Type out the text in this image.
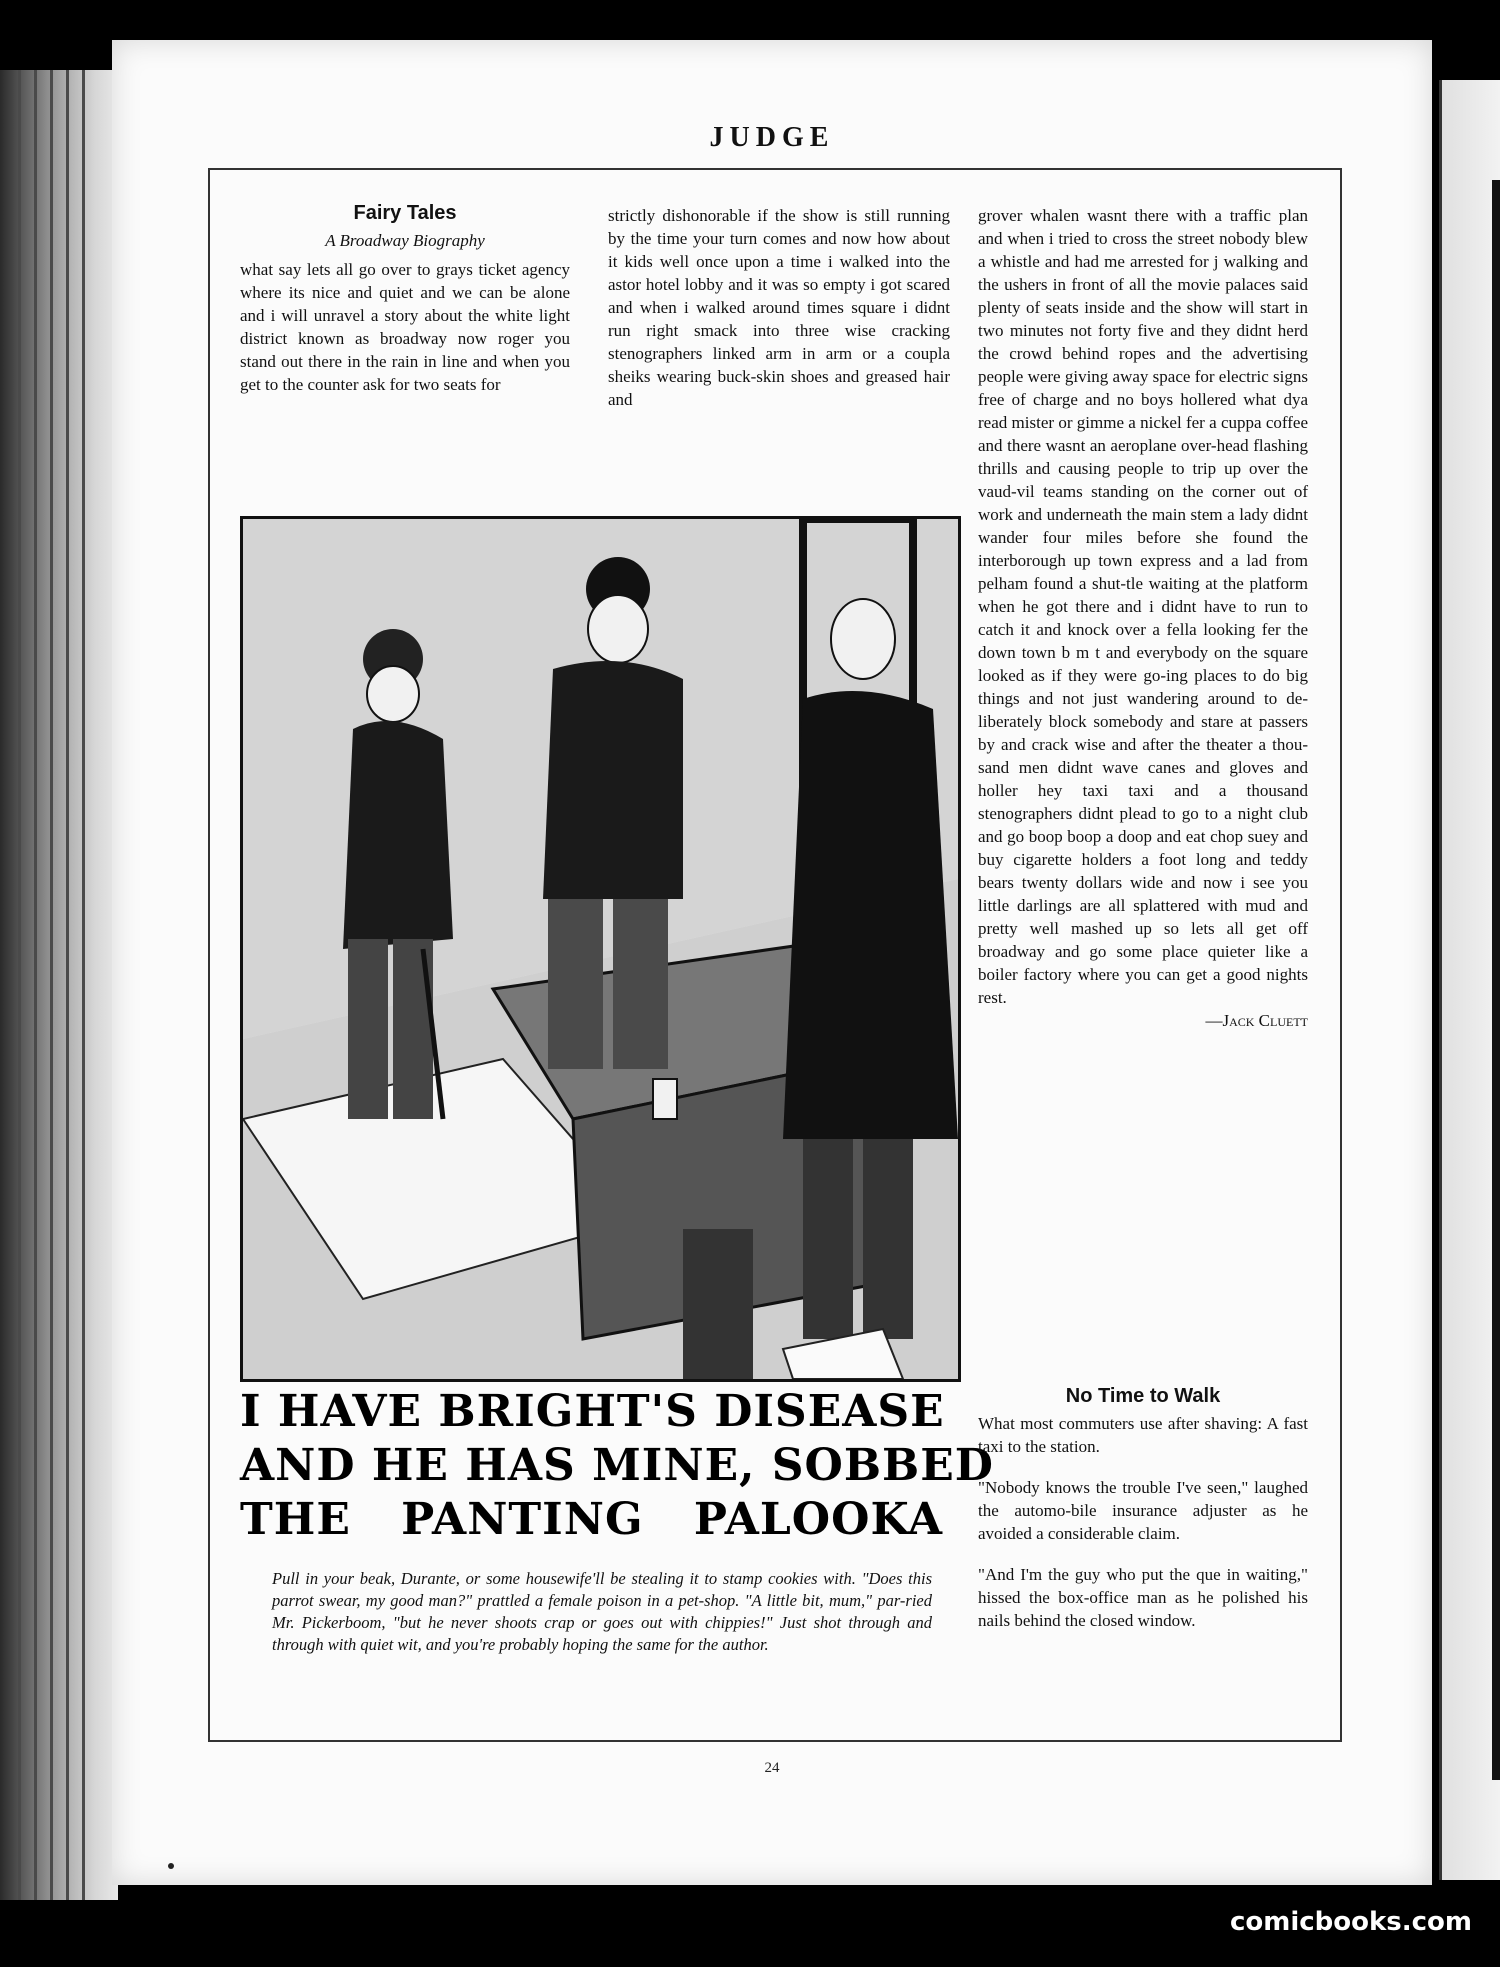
JUDGE
Fairy Tales
A Broadway Biography

what say lets all go over to grays ticket agency where its nice and quiet and we can be alone and i will unravel a story about the white light district known as broadway now roger you stand out there in the rain in line and when you get to the counter ask for two seats for

strictly dishonorable if the show is still running by the time your turn comes and now how about it kids well once upon a time i walked into the astor hotel lobby and it was so empty i got scared and when i walked around times square i didnt run right smack into three wise cracking stenographers linked arm in arm or a coupla sheiks wearing buck-skin shoes and greased hair and

grover whalen wasnt there with a traffic plan and when i tried to cross the street nobody blew a whistle and had me arrested for j walking and the ushers in front of all the movie palaces said plenty of seats inside and the show will start in two minutes not forty five and they didnt herd the crowd behind ropes and the advertising people were giving away space for electric signs free of charge and no boys hollered what dya read mister or gimme a nickel fer a cuppa coffee and there wasnt an aeroplane over-head flashing thrills and causing people to trip up over the vaud-vil teams standing on the corner out of work and underneath the main stem a lady didnt wander four miles before she found the interborough up town express and a lad from pelham found a shut-tle waiting at the platform when he got there and i didnt have to run to catch it and knock over a fella looking fer the down town b m t and everybody on the square looked as if they were go-ing places to do big things and not just wandering around to de-liberately block somebody and stare at passers by and crack wise and after the theater a thou-sand men didnt wave canes and gloves and holler hey taxi taxi and a thousand stenographers didnt plead to go to a night club and go boop boop a doop and eat chop suey and buy cigarette holders a foot long and teddy bears twenty dollars wide and now i see you little darlings are all splattered with mud and pretty well mashed up so lets all get off broadway and go some place quieter like a boiler factory where you can get a good nights rest.

—Jack Cluett
I HAVE BRIGHT'S DISEASE
AND HE HAS MINE, SOBBED
THE PANTING PALOOKA
Pull in your beak, Durante, or some housewife'll be stealing it to stamp cookies with. "Does this parrot swear, my good man?" prattled a female poison in a pet-shop. "A little bit, mum," par-ried Mr. Pickerboom, "but he never shoots crap or goes out with chippies!" Just shot through and through with quiet wit, and you're probably hoping the same for the author.
No Time to Walk

What most commuters use after shaving: A fast taxi to the station.

"Nobody knows the trouble I've seen," laughed the automo-bile insurance adjuster as he avoided a considerable claim.

"And I'm the guy who put the que in waiting," hissed the box-office man as he polished his nails behind the closed window.

24
comicbooks.com
